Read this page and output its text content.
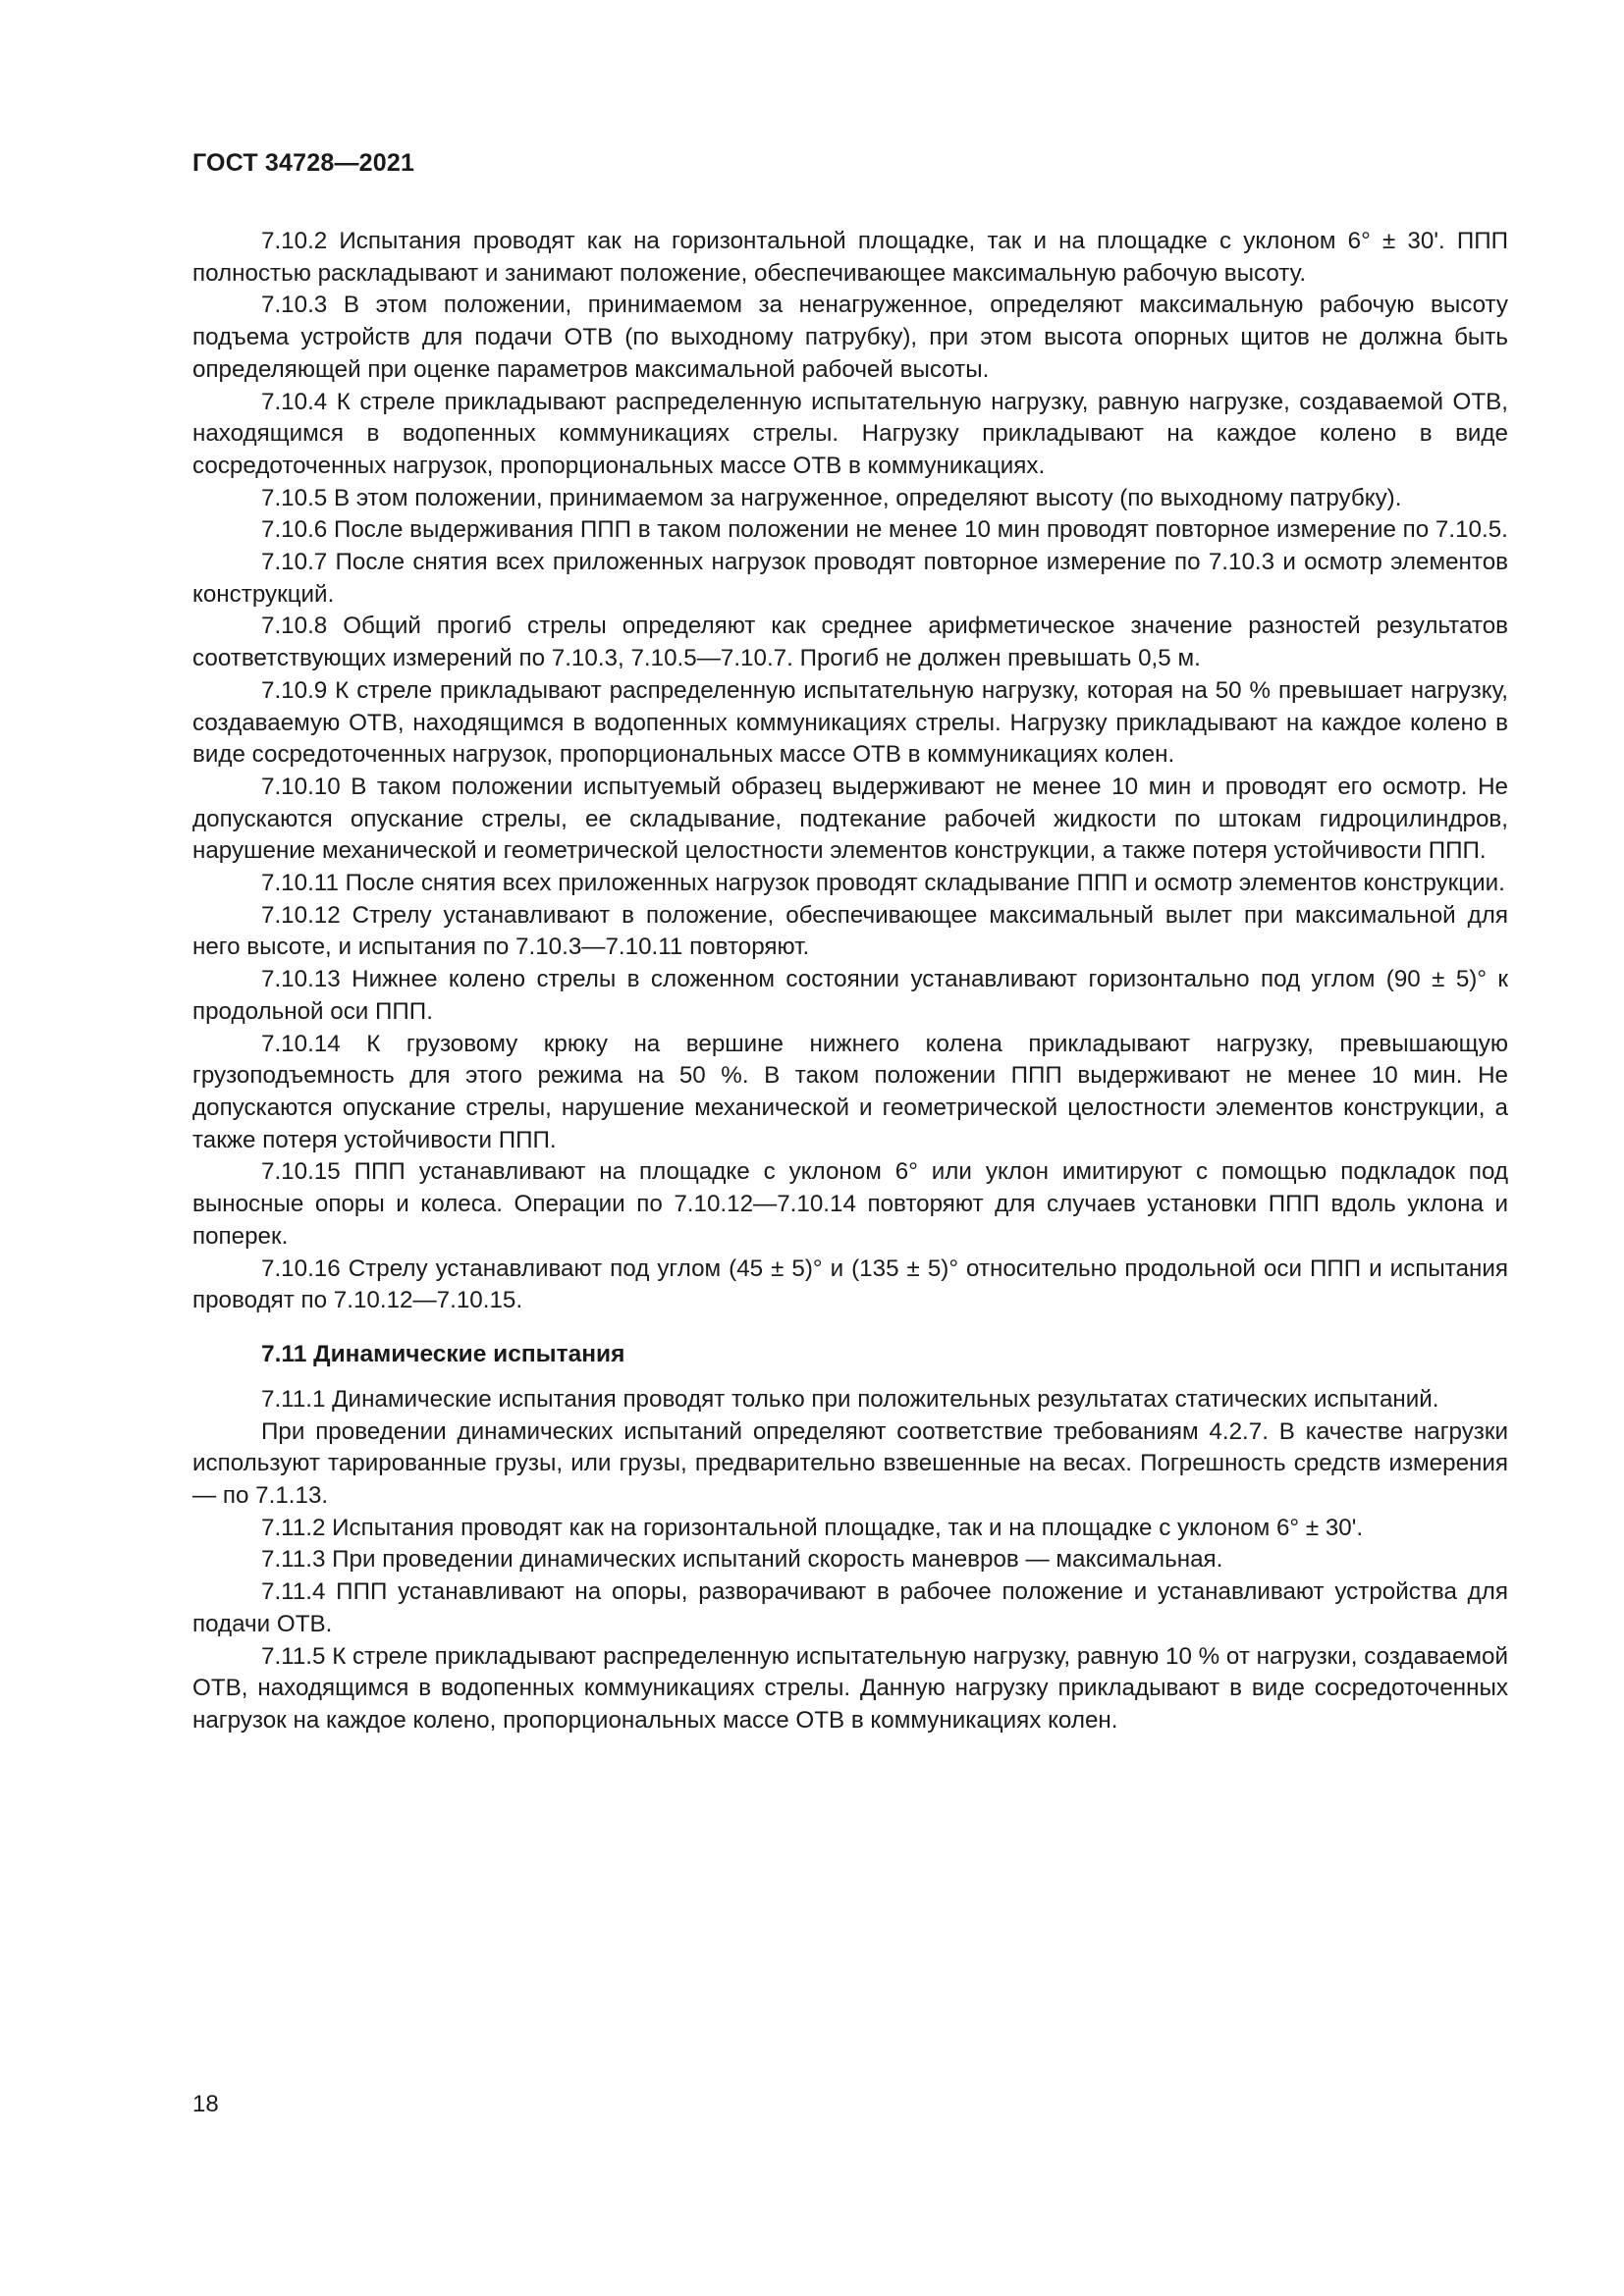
ГОСТ 34728—2021

7.10.2 Испытания проводят как на горизонтальной площадке, так и на площадке с уклоном 6° ± 30'. ППП полностью раскладывают и занимают положение, обеспечивающее максимальную рабочую высоту.

7.10.3 В этом положении, принимаемом за ненагруженное, определяют максимальную рабочую высоту подъема устройств для подачи ОТВ (по выходному патрубку), при этом высота опорных щитов не должна быть определяющей при оценке параметров максимальной рабочей высоты.

7.10.4 К стреле прикладывают распределенную испытательную нагрузку, равную нагрузке, создаваемой ОТВ, находящимся в водопенных коммуникациях стрелы. Нагрузку прикладывают на каждое колено в виде сосредоточенных нагрузок, пропорциональных массе ОТВ в коммуникациях.

7.10.5 В этом положении, принимаемом за нагруженное, определяют высоту (по выходному патрубку).

7.10.6 После выдерживания ППП в таком положении не менее 10 мин проводят повторное измерение по 7.10.5.

7.10.7 После снятия всех приложенных нагрузок проводят повторное измерение по 7.10.3 и осмотр элементов конструкций.

7.10.8 Общий прогиб стрелы определяют как среднее арифметическое значение разностей результатов соответствующих измерений по 7.10.3, 7.10.5—7.10.7. Прогиб не должен превышать 0,5 м.

7.10.9 К стреле прикладывают распределенную испытательную нагрузку, которая на 50 % превышает нагрузку, создаваемую ОТВ, находящимся в водопенных коммуникациях стрелы. Нагрузку прикладывают на каждое колено в виде сосредоточенных нагрузок, пропорциональных массе ОТВ в коммуникациях колен.

7.10.10 В таком положении испытуемый образец выдерживают не менее 10 мин и проводят его осмотр. Не допускаются опускание стрелы, ее складывание, подтекание рабочей жидкости по штокам гидроцилиндров, нарушение механической и геометрической целостности элементов конструкции, а также потеря устойчивости ППП.

7.10.11 После снятия всех приложенных нагрузок проводят складывание ППП и осмотр элементов конструкции.

7.10.12 Стрелу устанавливают в положение, обеспечивающее максимальный вылет при максимальной для него высоте, и испытания по 7.10.3—7.10.11 повторяют.

7.10.13 Нижнее колено стрелы в сложенном состоянии устанавливают горизонтально под углом (90 ± 5)° к продольной оси ППП.

7.10.14 К грузовому крюку на вершине нижнего колена прикладывают нагрузку, превышающую грузоподъемность для этого режима на 50 %. В таком положении ППП выдерживают не менее 10 мин. Не допускаются опускание стрелы, нарушение механической и геометрической целостности элементов конструкции, а также потеря устойчивости ППП.

7.10.15 ППП устанавливают на площадке с уклоном 6° или уклон имитируют с помощью подкладок под выносные опоры и колеса. Операции по 7.10.12—7.10.14 повторяют для случаев установки ППП вдоль уклона и поперек.

7.10.16 Стрелу устанавливают под углом (45 ± 5)° и (135 ± 5)° относительно продольной оси ППП и испытания проводят по 7.10.12—7.10.15.

7.11 Динамические испытания

7.11.1 Динамические испытания проводят только при положительных результатах статических испытаний.

При проведении динамических испытаний определяют соответствие требованиям 4.2.7. В качестве нагрузки используют тарированные грузы, или грузы, предварительно взвешенные на весах. Погрешность средств измерения — по 7.1.13.

7.11.2 Испытания проводят как на горизонтальной площадке, так и на площадке с уклоном 6° ± 30'.

7.11.3 При проведении динамических испытаний скорость маневров — максимальная.

7.11.4 ППП устанавливают на опоры, разворачивают в рабочее положение и устанавливают устройства для подачи ОТВ.

7.11.5 К стреле прикладывают распределенную испытательную нагрузку, равную 10 % от нагрузки, создаваемой ОТВ, находящимся в водопенных коммуникациях стрелы. Данную нагрузку прикладывают в виде сосредоточенных нагрузок на каждое колено, пропорциональных массе ОТВ в коммуникациях колен.

18
